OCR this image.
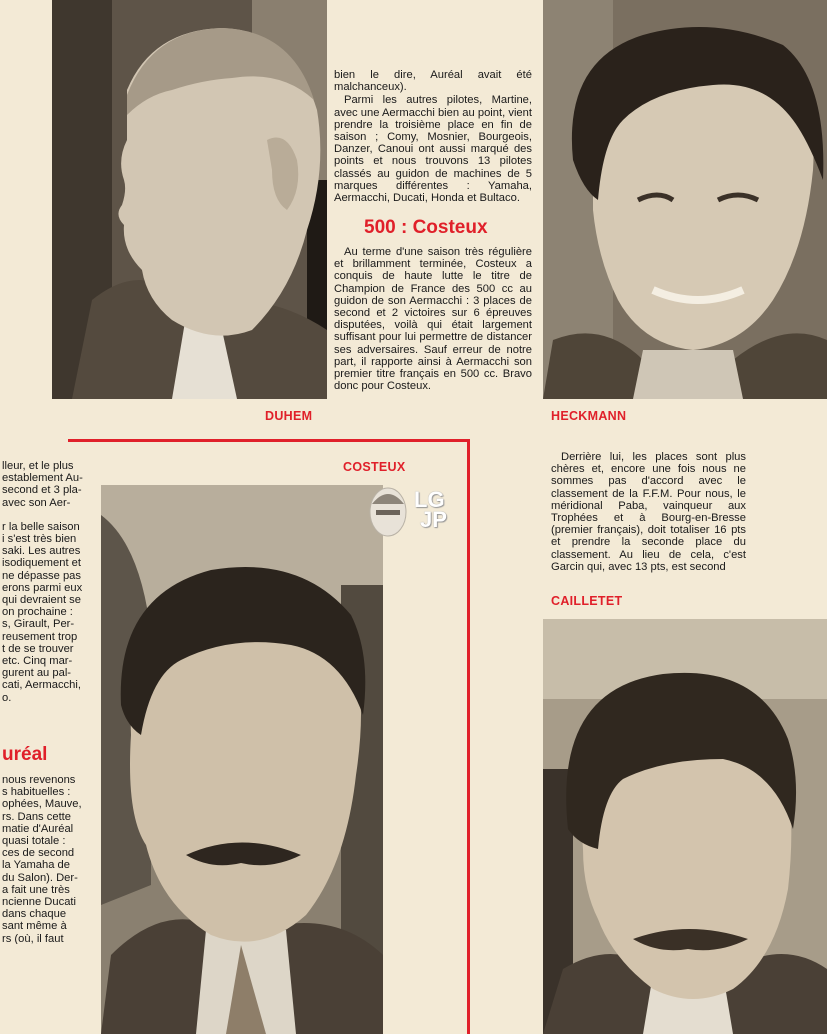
DUHEM	HECKMANN
COSTEUX
CAILLETET
LG
JP

bien le dire, Auréal avait été malchanceux).

Parmi les autres pilotes, Martine, avec une Aermacchi bien au point, vient prendre la troisième place en fin de saison ; Comy, Mosnier, Bourgeois, Danzer, Canoui ont aussi marqué des points et nous trouvons 13 pilotes classés au guidon de machines de 5 marques différentes : Yamaha, Aermacchi, Ducati, Honda et Bultaco.

500 : Costeux

Au terme d'une saison très régulière et brillamment terminée, Costeux a conquis de haute lutte le titre de Champion de France des 500 cc au guidon de son Aermacchi : 3 places de second et 2 victoires sur 6 épreuves disputées, voilà qui était largement suffisant pour lui permettre de distancer ses adversaires. Sauf erreur de notre part, il rapporte ainsi à Aermacchi son premier titre français en 500 cc. Bravo donc pour Costeux.

Derrière lui, les places sont plus chères et, encore une fois nous ne sommes pas d'accord avec le classement de la F.F.M. Pour nous, le méridional Paba, vainqueur aux Trophées et à Bourg-en-Bresse (premier français), doit totaliser 16 pts et prendre la seconde place du classement. Au lieu de cela, c'est Garcin qui, avec 13 pts, est second

lleur, et le plus
establement Au-
second et 3 pla-
avec son Aer-
r la belle saison
i s'est très bien
saki. Les autres
isodiquement et
ne dépasse pas
erons parmi eux
qui devraient se
on prochaine :
s, Girault, Per-
reusement trop
t de se trouver
etc. Cinq mar-
gurent au pal-
cati, Aermacchi,
o.
uréal
nous revenons
s habituelles :
ophées, Mauve,
rs. Dans cette
matie d'Auréal
quasi totale :
ces de second
la Yamaha de
du Salon). Der-
a fait une très
ncienne Ducati
dans chaque
sant même à
rs (où, il faut
